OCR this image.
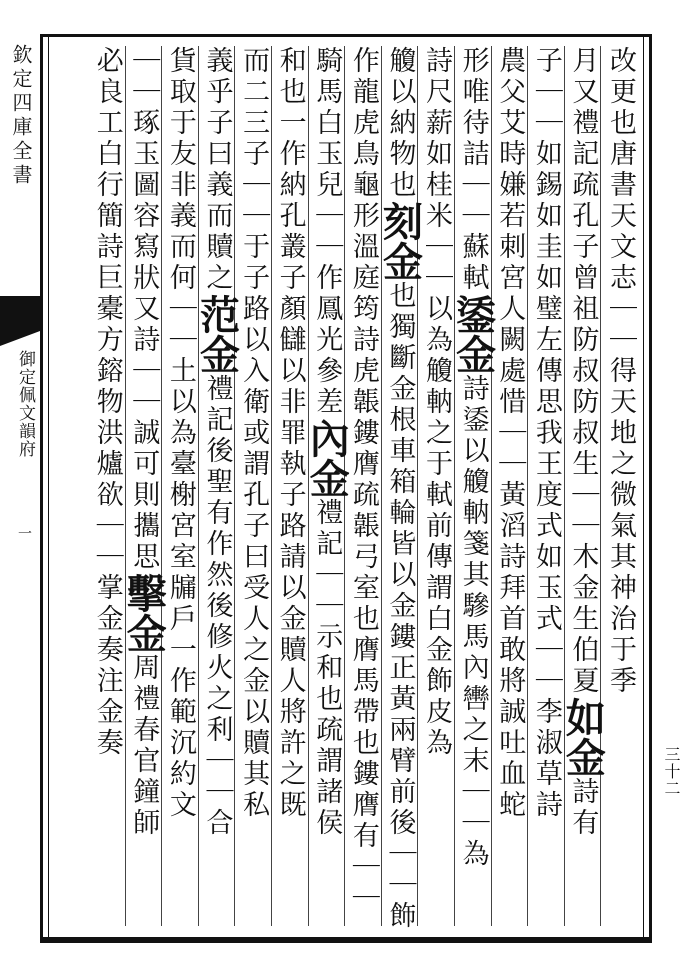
欽定四庫全書
御定佩文韻府
一	改更也唐書天文志｜｜得天地之微氣其神治于季
月又禮記疏孔子曾祖防叔防叔生｜｜木金生伯夏如金詩有
子｜｜如錫如圭如璧左傳思我王度式如玉式｜｜李淑草詩
農父艾時嫌若刺宮人闕處惜｜｜黃滔詩拜首敢將誠吐血蛇
形唯待詰｜｜蘇軾鋈金詩鋈以觼軜箋其驂馬內轡之末｜｜為
詩尺薪如桂米｜｜以為觼軜之于軾前傳謂白金飾皮為
觼以納物也刻金也獨斷金根車箱輪皆以金鏤正黃兩臂前後｜｜飾
作龍虎鳥龜形溫庭筠詩虎韔鏤膺疏韔弓室也膺馬帶也鏤膺有｜｜
騎馬白玉兒｜｜作鳳光參差內金禮記｜｜示和也疏謂諸侯
和也一作納孔叢子顏讎以非罪執子路請以金贖人將許之既
而二三子｜｜于子路以入衛或謂孔子曰受人之金以贖其私
義乎子曰義而贖之范金禮記後聖有作然後修火之利｜｜合
貨取于友非義而何｜｜土以為臺榭宮室牖戶一作範沉約文
｜｜琢玉圖容寫狀又詩｜｜誠可則攜思擊金周禮春官鐘師
必良工白行簡詩巨橐方鎔物洪爐欲｜｜掌金奏注金奏
三十二
